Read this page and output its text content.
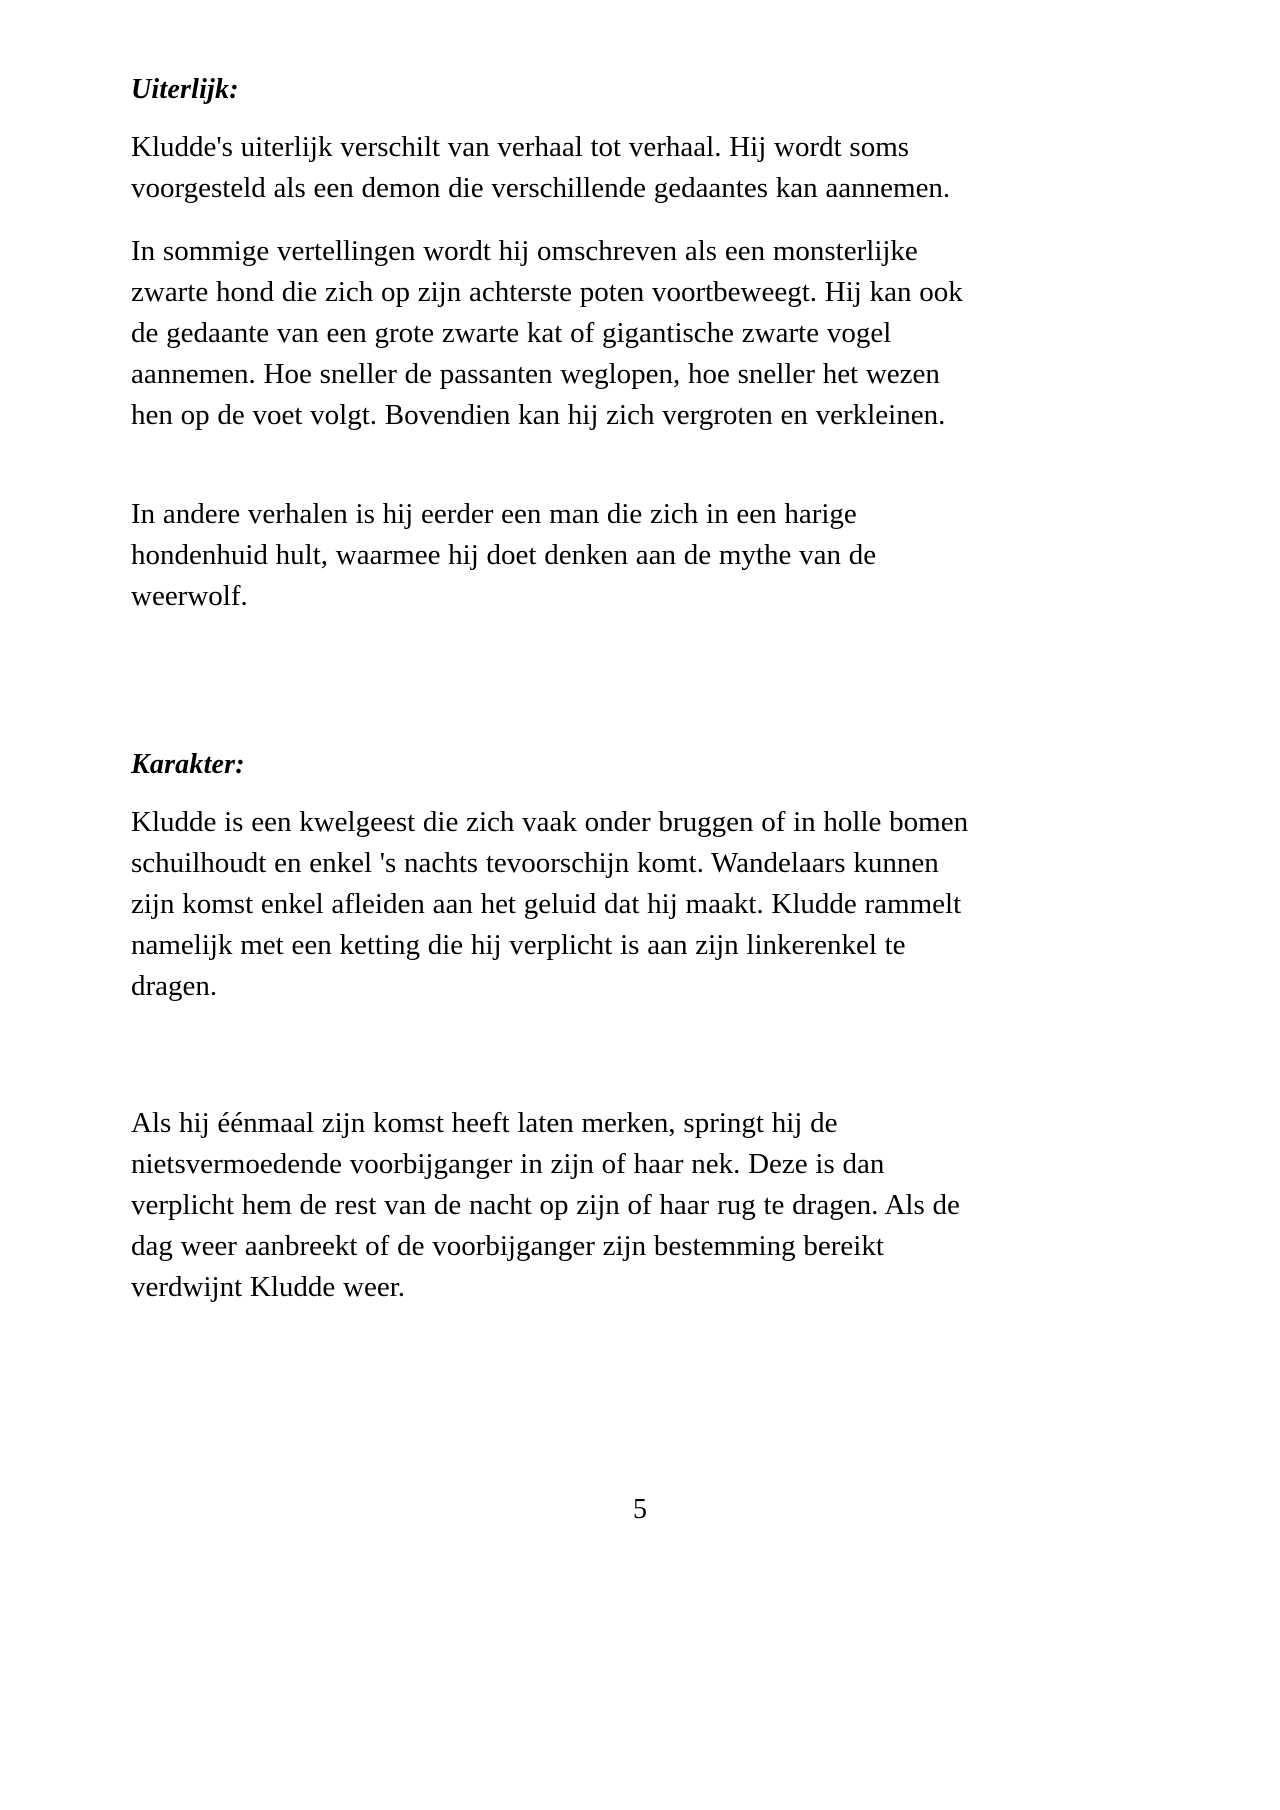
Uiterlijk:

Kludde's uiterlijk verschilt van verhaal tot verhaal. Hij wordt soms voorgesteld als een demon die verschillende gedaantes kan aannemen.

In sommige vertellingen wordt hij omschreven als een monsterlijke zwarte hond die zich op zijn achterste poten voortbeweegt. Hij kan ook de gedaante van een grote zwarte kat of gigantische zwarte vogel aannemen. Hoe sneller de passanten weglopen, hoe sneller het wezen hen op de voet volgt. Bovendien kan hij zich vergroten en verkleinen.

In andere verhalen is hij eerder een man die zich in een harige hondenhuid hult, waarmee hij doet denken aan de mythe van de weerwolf.

Karakter:

Kludde is een kwelgeest die zich vaak onder bruggen of in holle bomen schuilhoudt en enkel 's nachts tevoorschijn komt. Wandelaars kunnen zijn komst enkel afleiden aan het geluid dat hij maakt. Kludde rammelt namelijk met een ketting die hij verplicht is aan zijn linkerenkel te dragen.

Als hij éénmaal zijn komst heeft laten merken, springt hij de nietsvermoedende voorbijganger in zijn of haar nek. Deze is dan verplicht hem de rest van de nacht op zijn of haar rug te dragen. Als de dag weer aanbreekt of de voorbijganger zijn bestemming bereikt verdwijnt Kludde weer.

5
